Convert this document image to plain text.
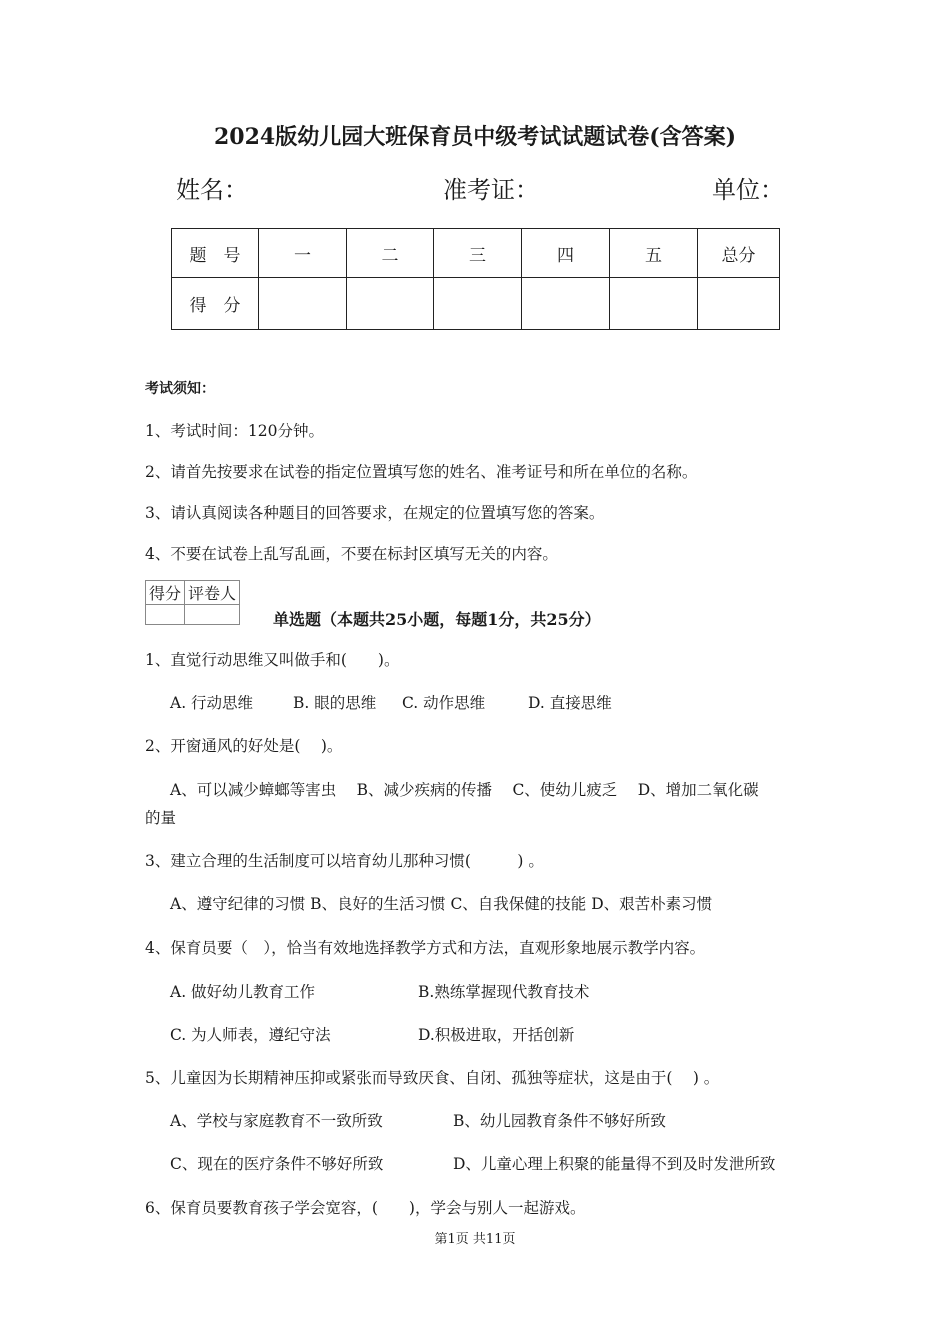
2024版幼儿园大班保育员中级考试试题试卷(含答案)
姓名：	准考证：	单位：
题　号	一	二	三	四	五	总分
得　分						
考试须知：
1、考试时间：120分钟。
2、请首先按要求在试卷的指定位置填写您的姓名、准考证号和所在单位的名称。
3、请认真阅读各种题目的回答要求，在规定的位置填写您的答案。
4、不要在试卷上乱写乱画，不要在标封区填写无关的内容。
得分	评卷人

单选题（本题共25小题，每题1分，共25分）
1、直觉行动思维又叫做手和(　　)。
A. 行动思维	B. 眼的思维 C. 动作思维	D. 直接思维
2、开窗通风的好处是(　 )。
A、可以减少蟑螂等害虫　 B、减少疾病的传播　 C、使幼儿疲乏　 D、增加二氧化碳
的量
3、建立合理的生活制度可以培育幼儿那种习惯(　　　) 。
A、遵守纪律的习惯 B、良好的生活习惯 C、自我保健的技能 D、艰苦朴素习惯
4、保育员要（　），恰当有效地选择教学方式和方法，直观形象地展示教学内容。
A. 做好幼儿教育工作	B.熟练掌握现代教育技术
C. 为人师表，遵纪守法	D.积极进取，开括创新
5、儿童因为长期精神压抑或紧张而导致厌食、自闭、孤独等症状，这是由于(　 ) 。
A、学校与家庭教育不一致所致	B、幼儿园教育条件不够好所致
C、现在的医疗条件不够好所致	D、儿童心理上积聚的能量得不到及时发泄所致
6、保育员要教育孩子学会宽容，(　　)，学会与别人一起游戏。
第1页 共11页
